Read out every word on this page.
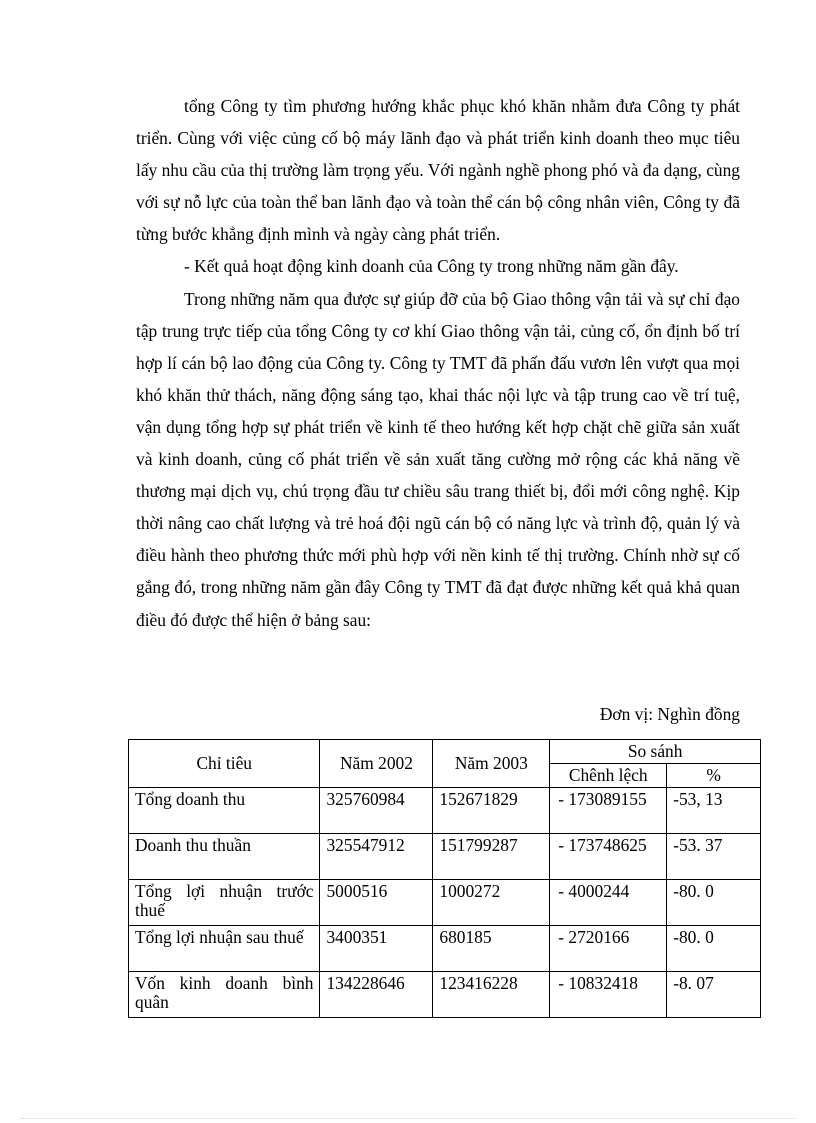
tổng Công ty tìm phương hướng khắc phục khó khăn nhằm đưa Công ty phát triển. Cùng với việc củng cố bộ máy lãnh đạo và phát triển kinh doanh theo mục tiêu lấy nhu cầu của thị trường làm trọng yếu. Với ngành nghề phong phó và đa dạng, cùng với sự nỗ lực của toàn thể ban lãnh đạo và toàn thể cán bộ công nhân viên, Công ty đã từng bước khẳng định mình và ngày càng phát triển.

- Kết quả hoạt động kinh doanh của Công ty trong những năm gần đây.

Trong những năm qua được sự giúp đỡ của bộ Giao thông vận tải và sự chỉ đạo tập trung trực tiếp của tổng Công ty cơ khí Giao thông vận tải, củng cố, ổn định bố trí hợp lí cán bộ lao động của Công ty. Công ty TMT đã phấn đấu vươn lên vượt qua mọi khó khăn thử thách, năng động sáng tạo, khai thác nội lực và tập trung cao về trí tuệ, vận dụng tổng hợp sự phát triển về kinh tế theo hướng kết hợp chặt chẽ giữa sản xuất và kinh doanh, củng cố phát triển về sản xuất tăng cường mở rộng các khả năng về thương mại dịch vụ, chú trọng đầu tư chiều sâu trang thiết bị, đổi mới công nghệ. Kịp thời nâng cao chất lượng và trẻ hoá đội ngũ cán bộ có năng lực và trình độ, quản lý và điều hành theo phương thức mới phù hợp với nền kinh tế thị trường. Chính nhờ sự cố gắng đó, trong những năm gần đây Công ty TMT đã đạt được những kết quả khả quan điều đó được thể hiện ở bảng sau:

Đơn vị: Nghìn đồng
Chỉ tiêu	Năm 2002	Năm 2003	So sánh	
			Chênh lệch	%
Tổng doanh thu	325760984	152671829	- 173089155	-53, 13
Doanh thu thuần	325547912	151799287	- 173748625	-53. 37
Tổng lợi nhuận trước thuế	5000516	1000272	- 4000244	-80. 0
Tổng lợi nhuận sau thuế	3400351	680185	- 2720166	-80. 0
Vốn kinh doanh bình quân	134228646	123416228	- 10832418	-8. 07
